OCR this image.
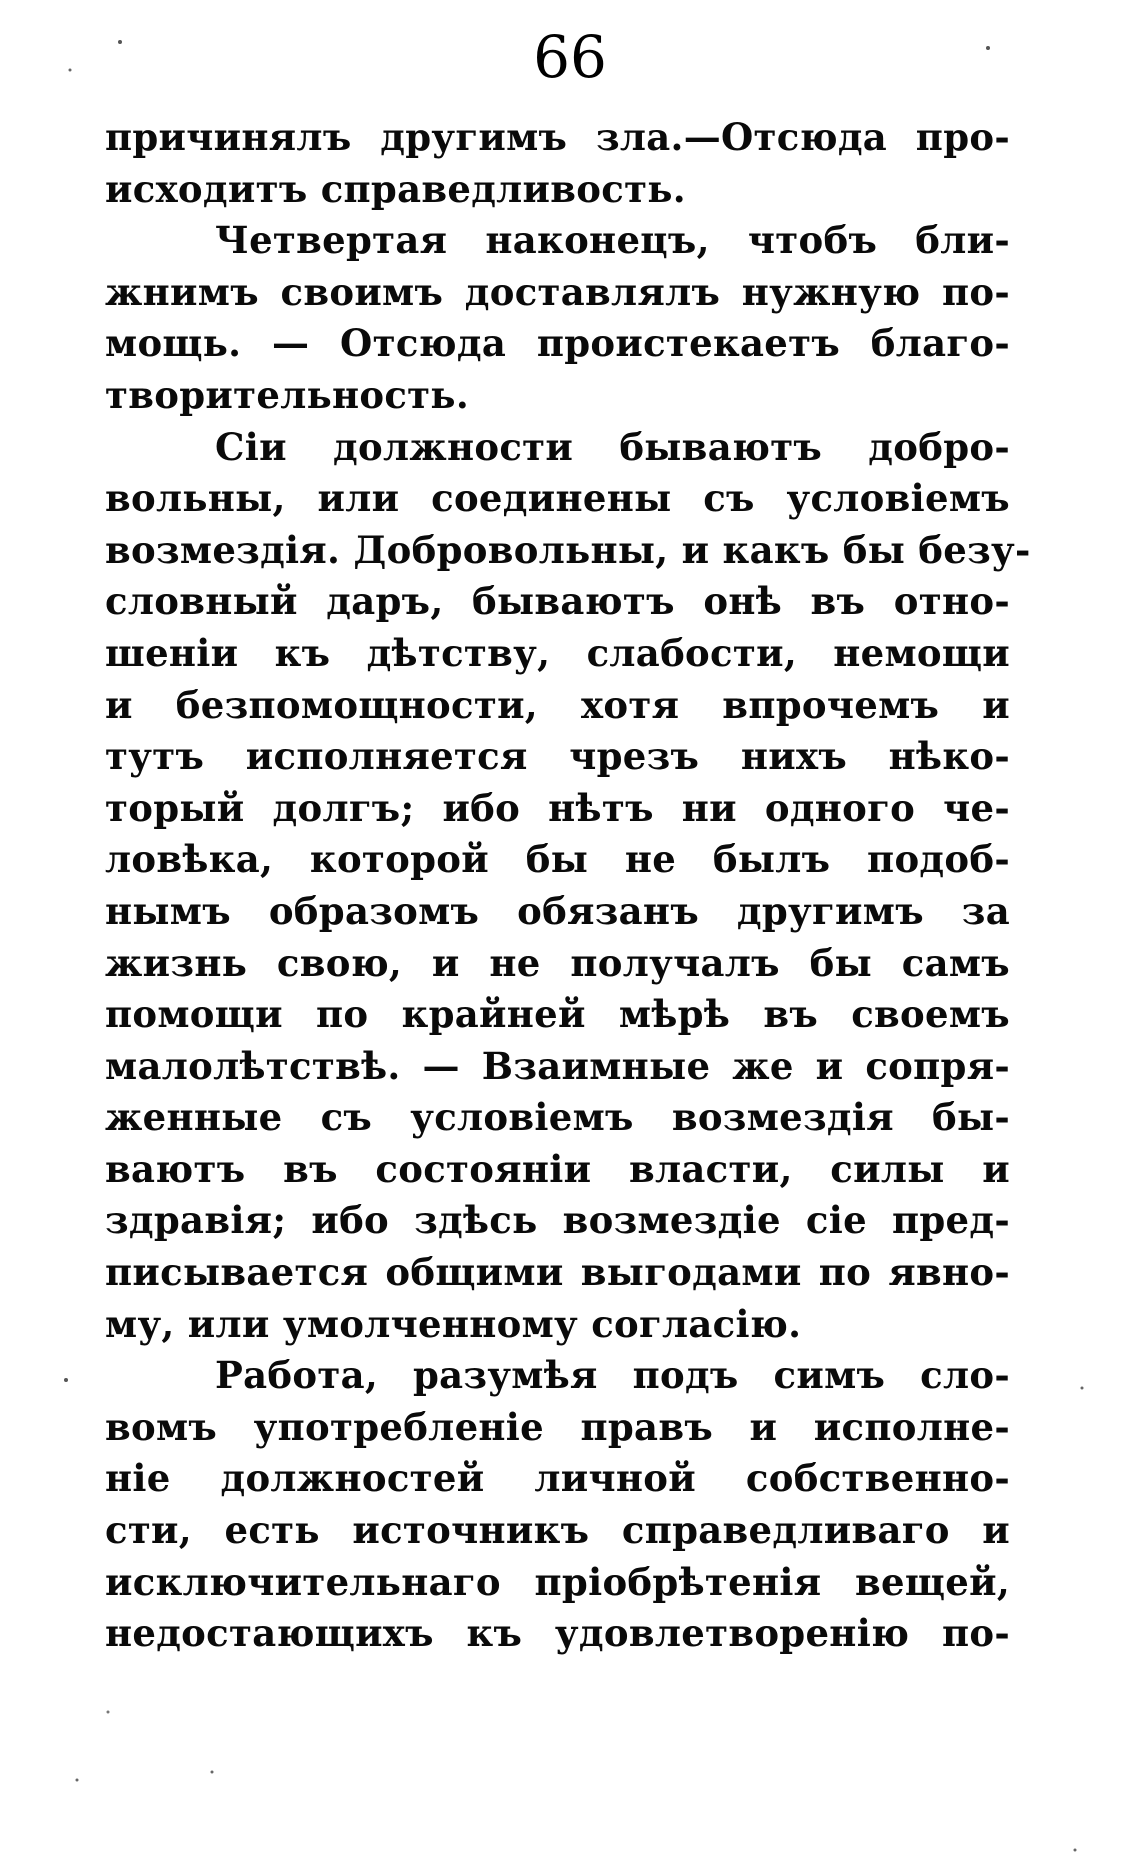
66
причинялъ другимъ зла.—Отсюда про-
исходитъ справедливость.
Четвертая наконецъ, чтобъ бли-
жнимъ своимъ доставлялъ нужную по-
мощь. — Отсюда проистекаетъ благо-
творительность.
Сіи должности бываютъ добро-
вольны, или соединены съ условіемъ
возмездія. Добровольны, и какъ бы безу-
словный даръ, бываютъ онѣ въ отно-
шеніи къ дѣтству, слабости, немощи
и безпомощности, хотя впрочемъ и
тутъ исполняется чрезъ нихъ нѣко-
торый долгъ; ибо нѣтъ ни одного че-
ловѣка, которой бы не былъ подоб-
нымъ образомъ обязанъ другимъ за
жизнь свою, и не получалъ бы самъ
помощи по крайней мѣрѣ въ своемъ
малолѣтствѣ. — Взаимные же и сопря-
женные съ условіемъ возмездія бы-
ваютъ въ состояніи власти, силы и
здравія; ибо здѣсь возмездіе сіе пред-
писывается общими выгодами по явно-
му, или умолченному согласію.
Работа, разумѣя подъ симъ сло-
вомъ употребленіе правъ и исполне-
ніе должностей личной собственно-
сти, есть источникъ справедливаго и
исключительнаго пріобрѣтенія вещей,
недостающихъ къ удовлетворенію по-
